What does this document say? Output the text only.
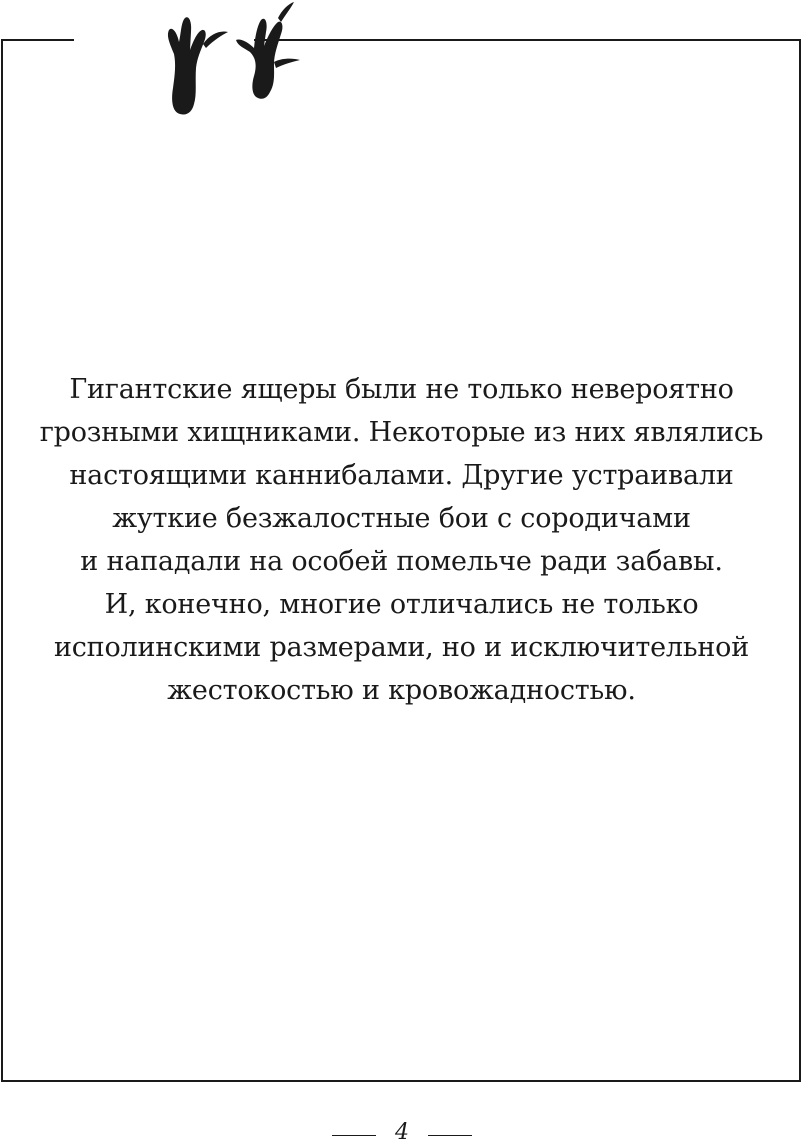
Гигантские ящеры были не только невероятно
грозными хищниками. Некоторые из них являлись
настоящими каннибалами. Другие устраивали
жуткие безжалостные бои с сородичами
и нападали на особей помельче ради забавы.
И, конечно, многие отличались не только
исполинскими размерами, но и исключительной
жестокостью и кровожадностью.

4
